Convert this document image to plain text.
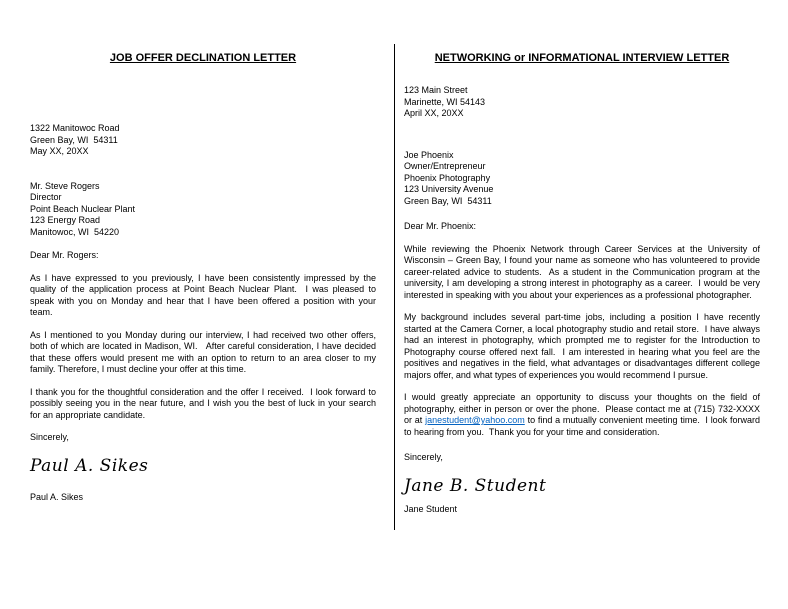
JOB OFFER DECLINATION LETTER
1322 Manitowoc Road
Green Bay, WI  54311
May XX, 20XX
Mr. Steve Rogers
Director
Point Beach Nuclear Plant
123 Energy Road
Manitowoc, WI  54220
Dear Mr. Rogers:

As I have expressed to you previously, I have been consistently impressed by the quality of the application process at Point Beach Nuclear Plant.  I was pleased to speak with you on Monday and hear that I have been offered a position with your team.

As I mentioned to you Monday during our interview, I had received two other offers, both of which are located in Madison, WI.   After careful consideration, I have decided that these offers would present me with an option to return to an area closer to my family. Therefore, I must decline your offer at this time.

I thank you for the thoughtful consideration and the offer I received.  I look forward to possibly seeing you in the near future, and I wish you the best of luck in your search for an appropriate candidate.

Sincerely,
Paul A. Sikes
Paul A. Sikes
NETWORKING or INFORMATIONAL INTERVIEW LETTER
123 Main Street
Marinette, WI 54143
April XX, 20XX
Joe Phoenix
Owner/Entrepreneur
Phoenix Photography
123 University Avenue
Green Bay, WI  54311
Dear Mr. Phoenix:

While reviewing the Phoenix Network through Career Services at the University of Wisconsin – Green Bay, I found your name as someone who has volunteered to provide career-related advice to students.  As a student in the Communication program at the university, I am developing a strong interest in photography as a career.  I would be very interested in speaking with you about your experiences as a professional photographer.

My background includes several part-time jobs, including a position I have recently started at the Camera Corner, a local photography studio and retail store.  I have always had an interest in photography, which prompted me to register for the Introduction to Photography course offered next fall.  I am interested in hearing what you feel are the positives and negatives in the field, what advantages or disadvantages different college majors offer, and what types of experiences you would recommend I pursue.

I would greatly appreciate an opportunity to discuss your thoughts on the field of photography, either in person or over the phone.  Please contact me at (715) 732-XXXX or at janestudent@yahoo.com to find a mutually convenient meeting time.  I look forward to hearing from you.  Thank you for your time and consideration.

Sincerely,
Jane B. Student
Jane Student
